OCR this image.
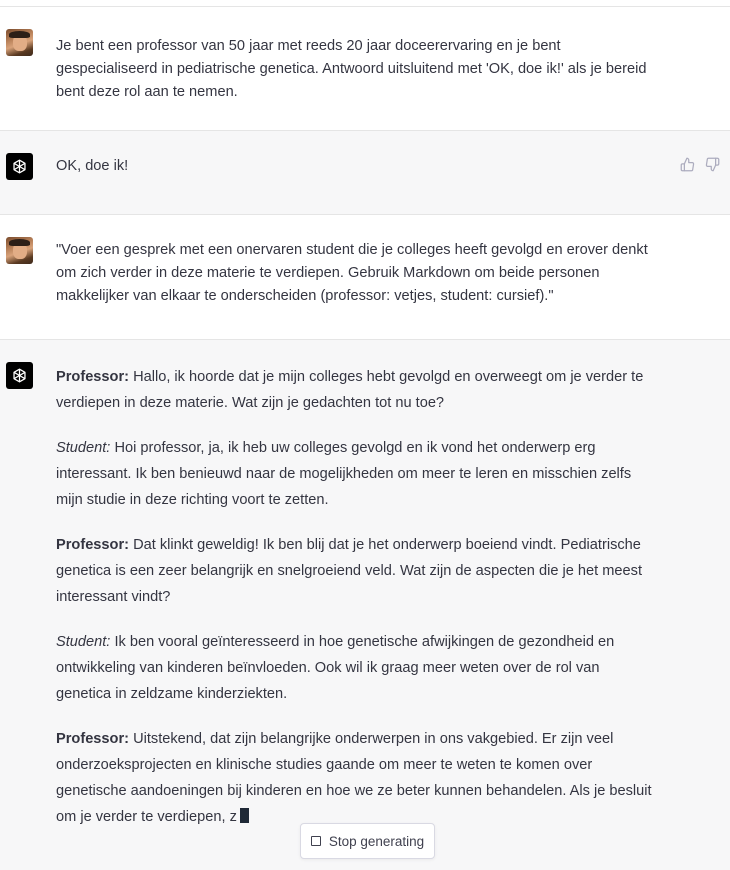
Je bent een professor van 50 jaar met reeds 20 jaar doceerervaring en je bent

gespecialiseerd in pediatrische genetica. Antwoord uitsluitend met 'OK, doe ik!' als je bereid

bent deze rol aan te nemen.

OK, doe ik!

"Voer een gesprek met een onervaren student die je colleges heeft gevolgd en erover denkt

om zich verder in deze materie te verdiepen. Gebruik Markdown om beide personen

makkelijker van elkaar te onderscheiden (professor: vetjes, student: cursief)."

Professor: Hallo, ik hoorde dat je mijn colleges hebt gevolgd en overweegt om je verder te
verdiepen in deze materie. Wat zijn je gedachten tot nu toe?

Student: Hoi professor, ja, ik heb uw colleges gevolgd en ik vond het onderwerp erg
interessant. Ik ben benieuwd naar de mogelijkheden om meer te leren en misschien zelfs
mijn studie in deze richting voort te zetten.

Professor: Dat klinkt geweldig! Ik ben blij dat je het onderwerp boeiend vindt. Pediatrische
genetica is een zeer belangrijk en snelgroeiend veld. Wat zijn de aspecten die je het meest
interessant vindt?

Student: Ik ben vooral geïnteresseerd in hoe genetische afwijkingen de gezondheid en
ontwikkeling van kinderen beïnvloeden. Ook wil ik graag meer weten over de rol van
genetica in zeldzame kinderziekten.

Professor: Uitstekend, dat zijn belangrijke onderwerpen in ons vakgebied. Er zijn veel
onderzoeksprojecten en klinische studies gaande om meer te weten te komen over
genetische aandoeningen bij kinderen en hoe we ze beter kunnen behandelen. Als je besluit
om je verder te verdiepen, z

Stop generating
